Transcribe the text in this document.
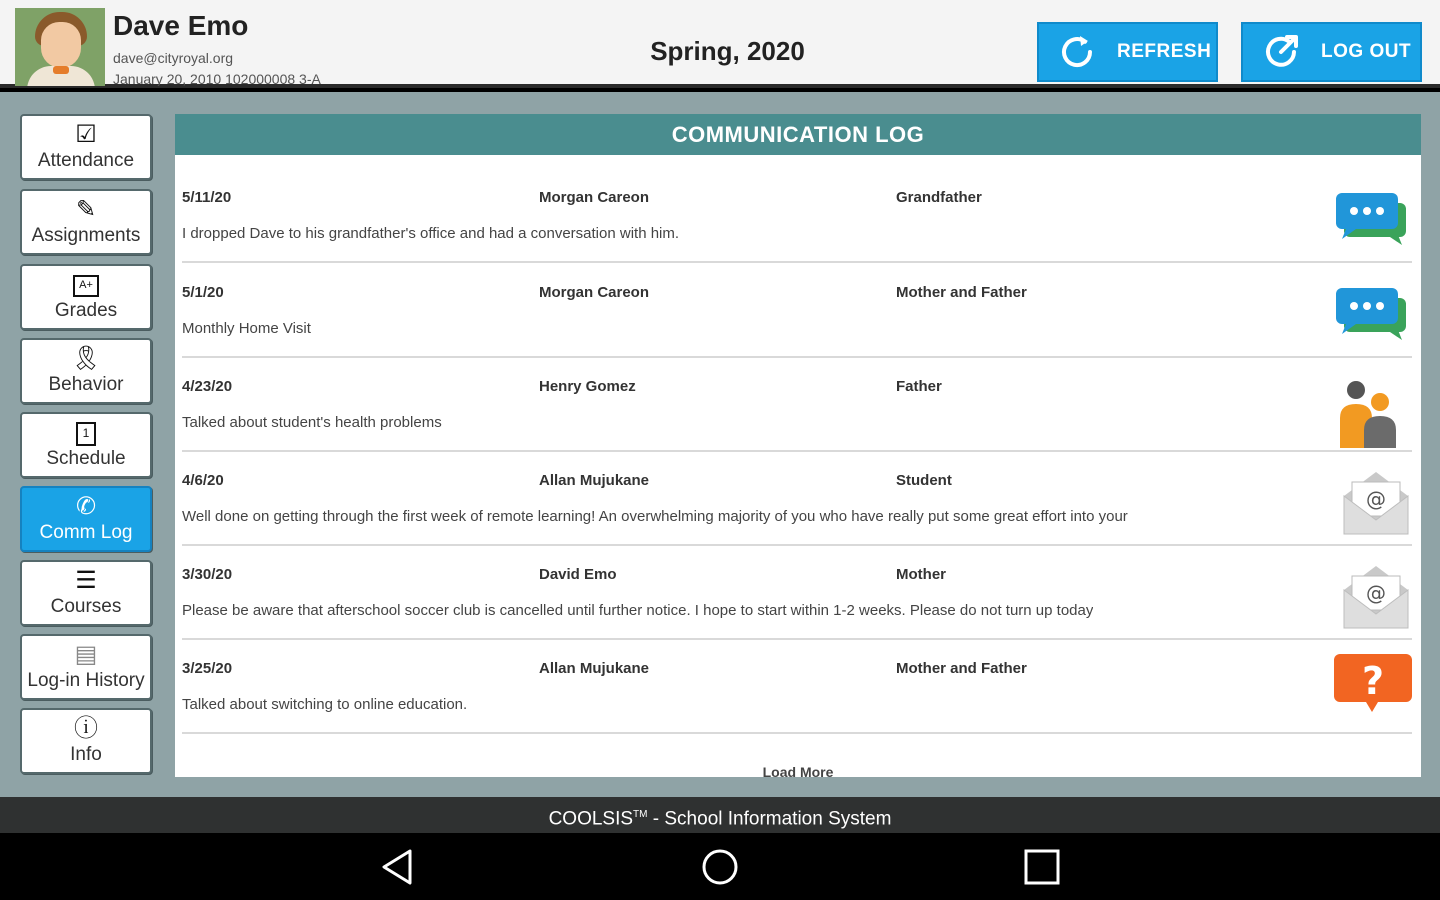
Dave Emo
dave@cityroyal.org
January 20, 2010 102000008 3-A
Spring, 2020	REFRESH	LOG OUT
☑
Attendance
✎
Assignments
A+
Grades
🎗
Behavior
1
Schedule
✆
Comm Log
☰
Courses
▤
Log-in History
ⓘ
Info
COMMUNICATION LOG
5/11/20	Morgan Careon	Grandfather
I dropped Dave to his grandfather's office and had a conversation with him.
5/1/20	Morgan Careon	Mother and Father
Monthly Home Visit
4/23/20	Henry Gomez	Father
Talked about student's health problems
4/6/20	Allan Mujukane	Student
Well done on getting through the first week of remote learning! An overwhelming majority of you who have really put some great effort into your
@
3/30/20	David Emo	Mother
Please be aware that afterschool soccer club is cancelled until further notice. I hope to start within 1-2 weeks. Please do not turn up today
@
3/25/20	Allan Mujukane	Mother and Father
Talked about switching to online education.
?
Load More
COOLSIS™ - School Information System
